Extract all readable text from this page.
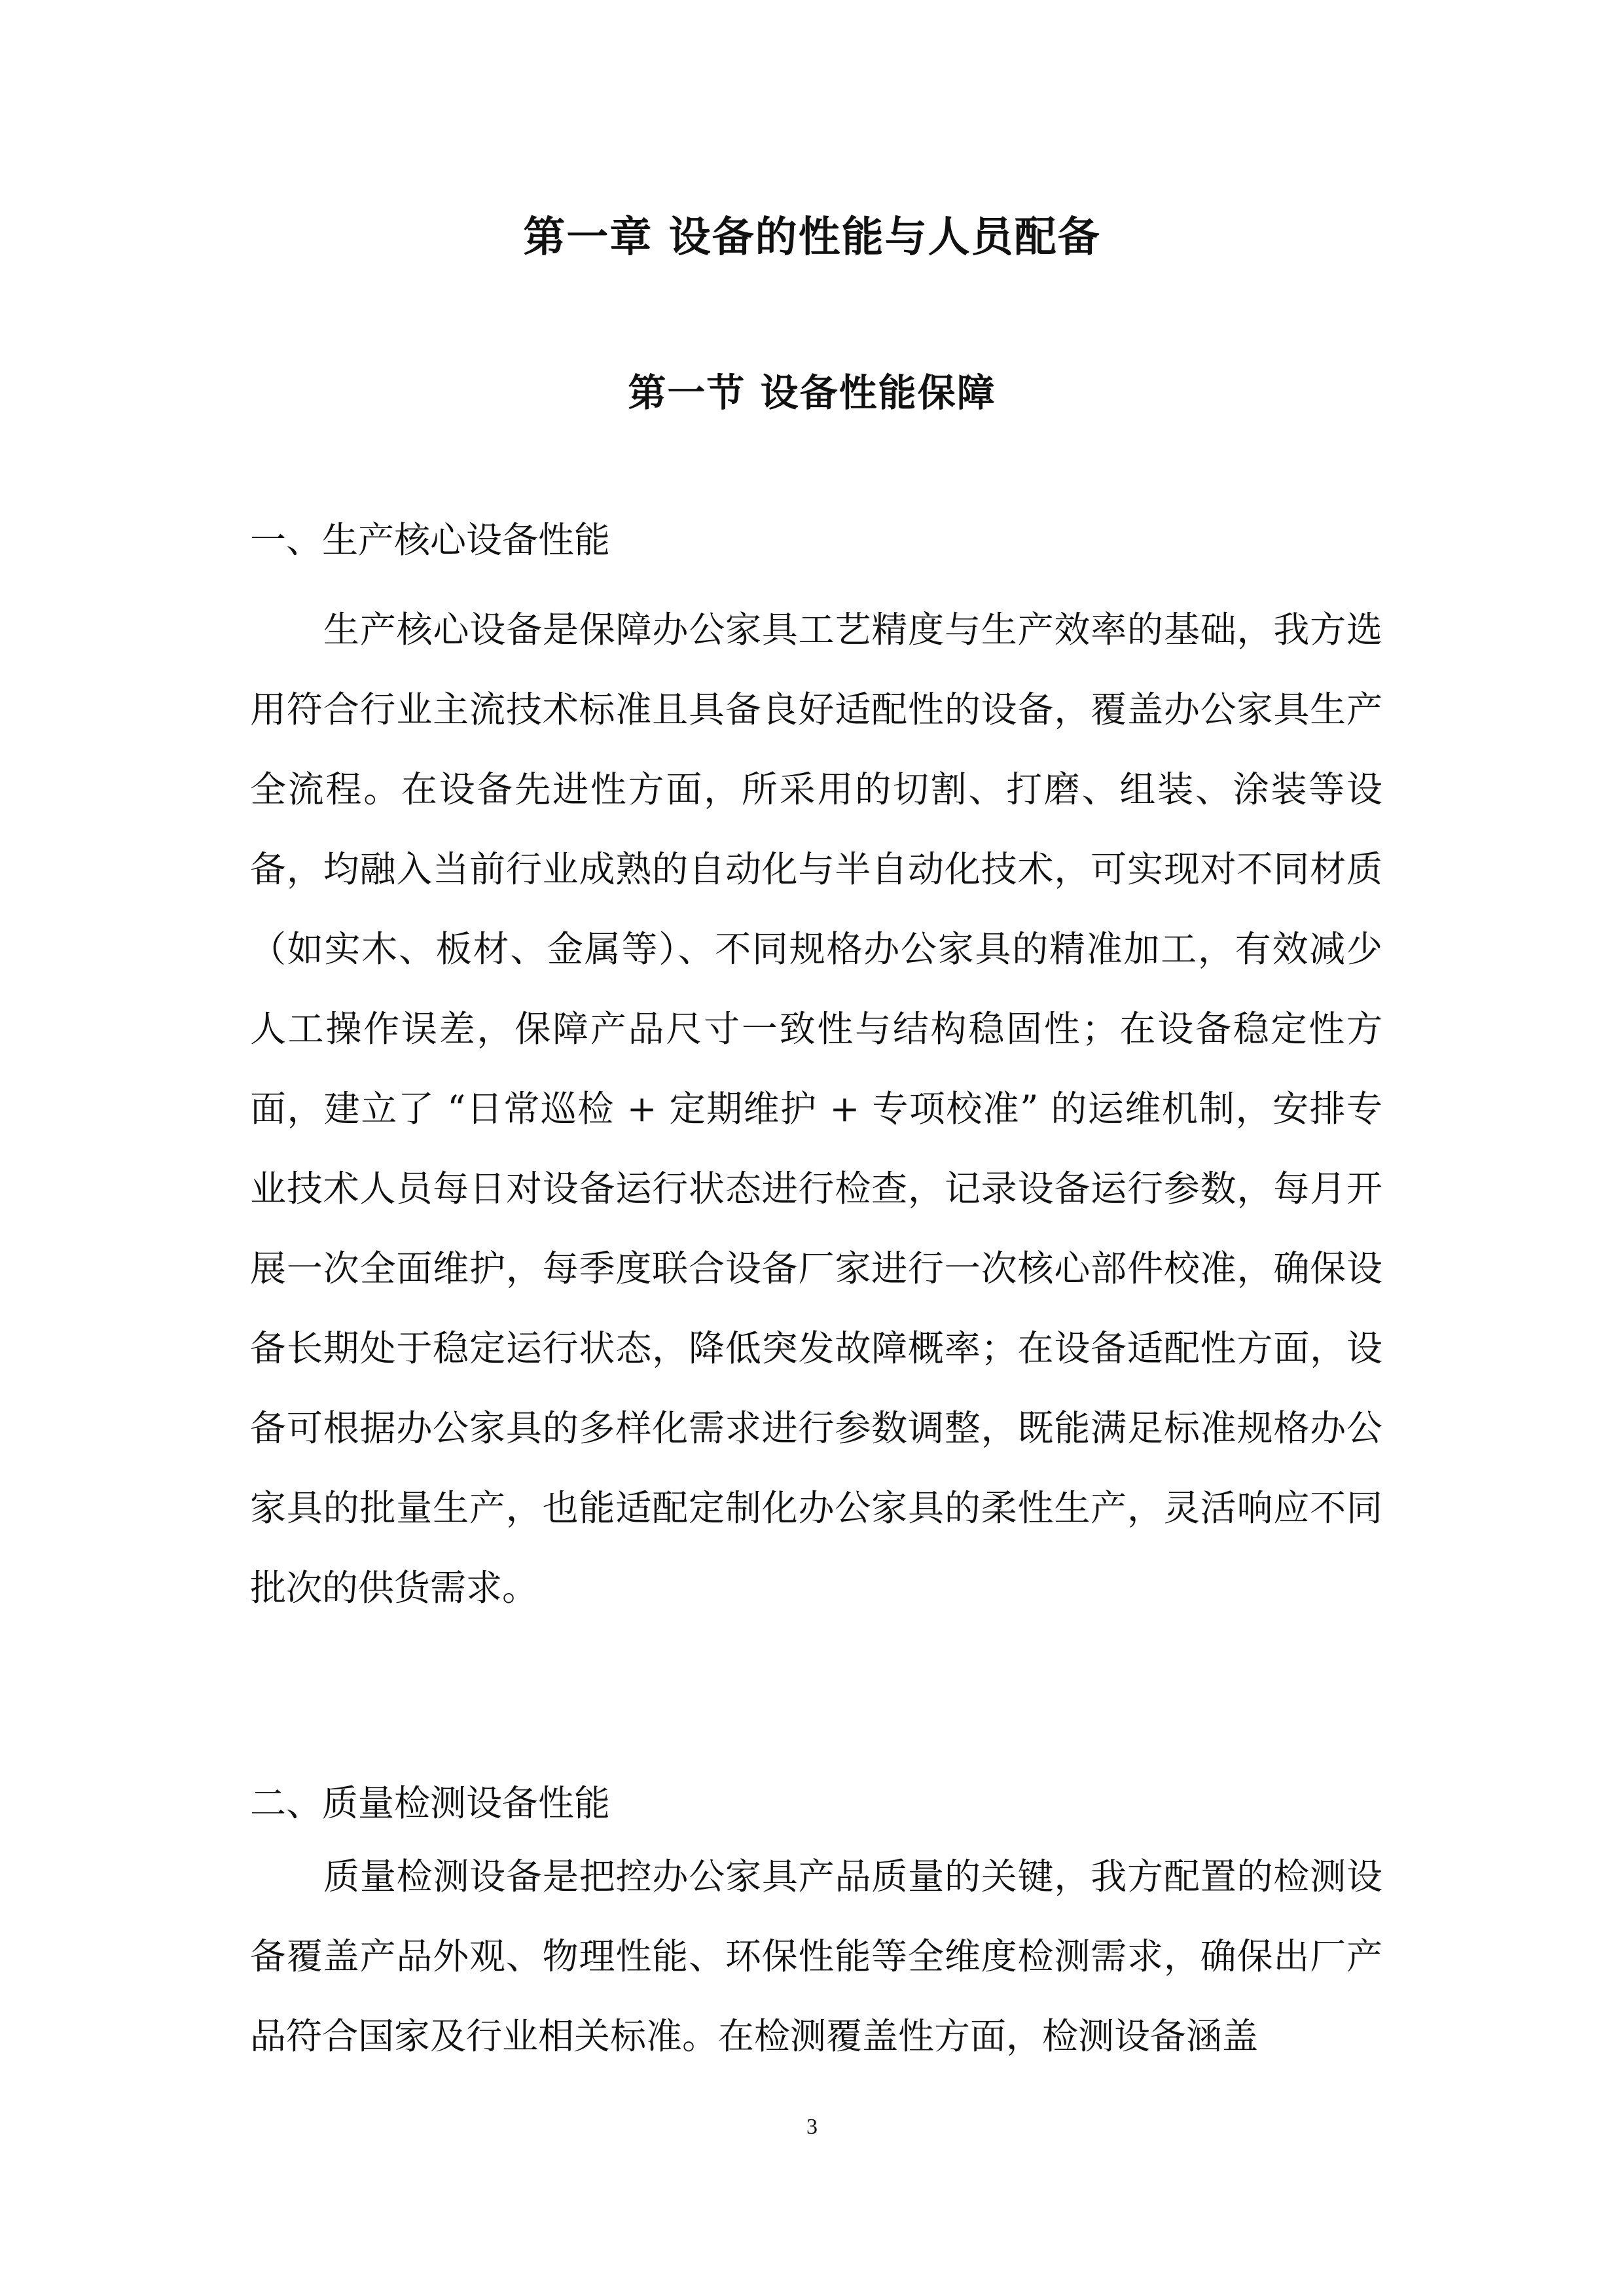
第一章 设备的性能与人员配备
第一节 设备性能保障

一、生产核心设备性能

生产核心设备是保障办公家具工艺精度与生产效率的基础，我方选用符合行业主流技术标准且具备良好适配性的设备，覆盖办公家具生产全流程。在设备先进性方面，所采用的切割、打磨、组装、涂装等设备，均融入当前行业成熟的自动化与半自动化技术，可实现对不同材质（如实木、板材、金属等）、不同规格办公家具的精准加工，有效减少人工操作误差，保障产品尺寸一致性与结构稳固性；在设备稳定性方面，建立了 “日常巡检 + 定期维护 + 专项校准” 的运维机制，安排专业技术人员每日对设备运行状态进行检查，记录设备运行参数，每月开展一次全面维护，每季度联合设备厂家进行一次核心部件校准，确保设备长期处于稳定运行状态，降低突发故障概率；在设备适配性方面，设备可根据办公家具的多样化需求进行参数调整，既能满足标准规格办公家具的批量生产，也能适配定制化办公家具的柔性生产，灵活响应不同批次的供货需求。

二、质量检测设备性能

质量检测设备是把控办公家具产品质量的关键，我方配置的检测设备覆盖产品外观、物理性能、环保性能等全维度检测需求，确保出厂产品符合国家及行业相关标准。在检测覆盖性方面，检测设备涵盖

3
